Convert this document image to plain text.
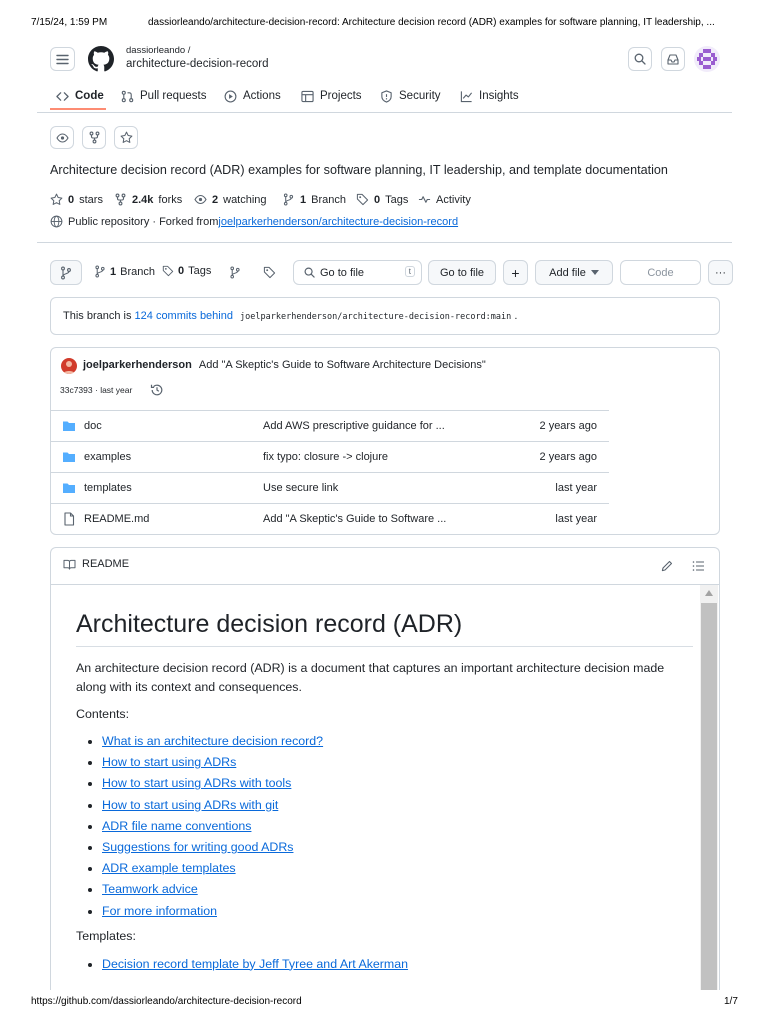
7/15/24, 1:59 PM	dassiorleando/architecture-decision-record: Architecture decision record (ADR) examples for software planning, IT leadership, ...
dassiorleando /
architecture-decision-record
Code	Pull requests	Actions	Projects	Security	Insights
Architecture decision record (ADR) examples for software planning, IT leadership, and template documentation
0 stars	2.4k forks	2 watching	1 Branch	0 Tags	Activity
Public repository · Forked from joelparkerhenderson/architecture-decision-record
1 Branch 0 Tags	Go to file	t	Go to file +	Add file	Code	···
This branch is 124 commits behind joelparkerhenderson/architecture-decision-record:main .
joelparkerhenderson Add "A Skeptic's Guide to Software Architecture Decisions"
33c7393 · last year
doc	Add AWS prescriptive guidance for ...	2 years ago
examples	fix typo: closure -> clojure	2 years ago
templates	Use secure link	last year
README.md	Add "A Skeptic's Guide to Software ...	last year
README
Architecture decision record (ADR)
An architecture decision record (ADR) is a document that captures an important architecture decision made along with its context and consequences.
Contents:
• What is an architecture decision record?
• How to start using ADRs
• How to start using ADRs with tools
• How to start using ADRs with git
• ADR file name conventions
• Suggestions for writing good ADRs
• ADR example templates
• Teamwork advice
• For more information
Templates:
• Decision record template by Jeff Tyree and Art Akerman
https://github.com/dassiorleando/architecture-decision-record	1/7
